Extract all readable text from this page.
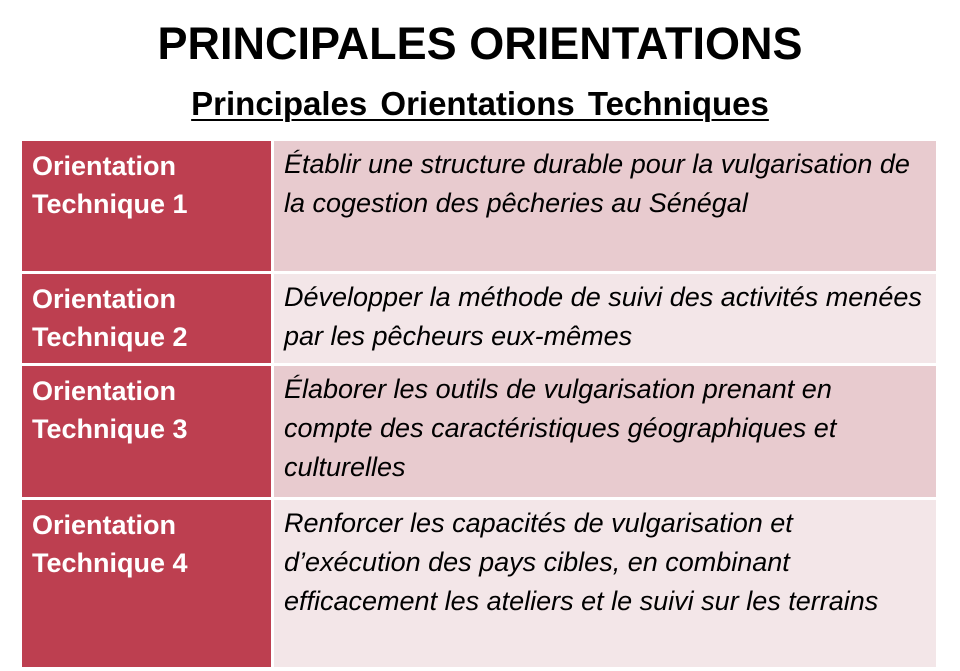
PRINCIPALES ORIENTATIONS
Principales Orientations Techniques
Orientation
Technique 1
Établir une structure durable pour la vulgarisation de la cogestion des pêcheries au Sénégal
Orientation
Technique 2
Développer la méthode de suivi des activités menées par les pêcheurs eux-mêmes
Orientation
Technique 3
Élaborer les outils de vulgarisation prenant en compte des caractéristiques géographiques et culturelles
Orientation
Technique 4
Renforcer les capacités de vulgarisation et d’exécution des pays cibles, en combinant efficacement les ateliers et le suivi sur les terrains
